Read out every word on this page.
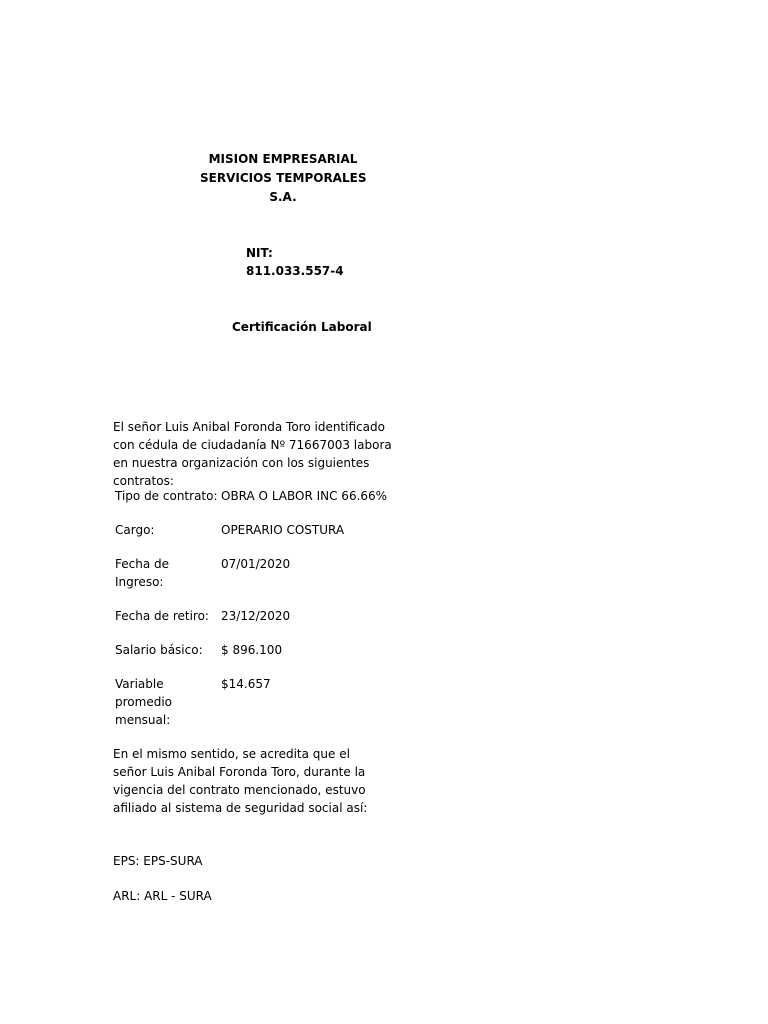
MISION EMPRESARIAL
SERVICIOS TEMPORALES
S.A.
NIT: 811.033.557-4
Certificación Laboral
El señor Luis Anibal Foronda Toro identificado con cédula de ciudadanía Nº 71667003 labora en nuestra organización con los siguientes contratos:
Tipo de contrato: OBRA O LABOR INC 66.66%
Cargo:	OPERARIO COSTURA
Fecha de Ingreso:
07/01/2020
Fecha de retiro:	23/12/2020
Salario básico:	$ 896.100
Variable promedio mensual:
$14.657
En el mismo sentido, se acredita que el señor Luis Anibal Foronda Toro, durante la vigencia del contrato mencionado, estuvo afiliado al sistema de seguridad social así:
EPS: EPS-SURA
ARL: ARL - SURA
